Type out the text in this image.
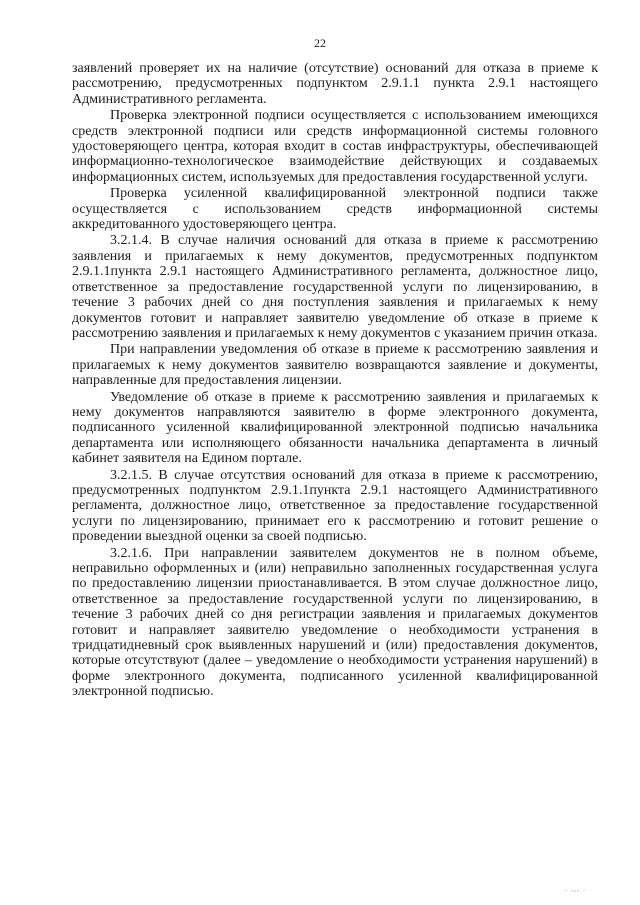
22

заявлений проверяет их на наличие (отсутствие) оснований для отказа в приеме к рассмотрению, предусмотренных подпунктом 2.9.1.1 пункта 2.9.1 настоящего Административного регламента.

Проверка электронной подписи осуществляется с использованием имеющихся средств электронной подписи или средств информационной системы головного удостоверяющего центра, которая входит в состав инфраструктуры, обеспечивающей информационно-технологическое взаимодействие действующих и создаваемых информационных систем, используемых для предоставления государственной услуги.

Проверка усиленной квалифицированной электронной подписи также осуществляется с использованием средств информационной системы аккредитованного удостоверяющего центра.

3.2.1.4. В случае наличия оснований для отказа в приеме к рассмотрению заявления и прилагаемых к нему документов, предусмотренных подпунктом 2.9.1.1пункта 2.9.1 настоящего Административного регламента, должностное лицо, ответственное за предоставление государственной услуги по лицензированию, в течение 3 рабочих дней со дня поступления заявления и прилагаемых к нему документов готовит и направляет заявителю уведомление об отказе в приеме к рассмотрению заявления и прилагаемых к нему документов с указанием причин отказа.

При направлении уведомления об отказе в приеме к рассмотрению заявления и прилагаемых к нему документов заявителю возвращаются заявление и документы, направленные для предоставления лицензии.

Уведомление об отказе в приеме к рассмотрению заявления и прилагаемых к нему документов направляются заявителю в форме электронного документа, подписанного усиленной квалифицированной электронной подписью начальника департамента или исполняющего обязанности начальника департамента в личный кабинет заявителя на Едином портале.

3.2.1.5. В случае отсутствия оснований для отказа в приеме к рассмотрению, предусмотренных подпунктом 2.9.1.1пункта 2.9.1 настоящего Административного регламента, должностное лицо, ответственное за предоставление государственной услуги по лицензированию, принимает его к рассмотрению и готовит решение о проведении выездной оценки за своей подписью.

3.2.1.6. При направлении заявителем документов не в полном объеме, неправильно оформленных и (или) неправильно заполненных государственная услуга по предоставлению лицензии приостанавливается. В этом случае должностное лицо, ответственное за предоставление государственной услуги по лицензированию, в течение 3 рабочих дней со дня регистрации заявления и прилагаемых документов готовит и направляет заявителю уведомление о необходимости устранения в тридцатидневный срок выявленных нарушений и (или) предоставления документов, которые отсутствуют (далее – уведомление о необходимости устранения нарушений) в форме электронного документа, подписанного усиленной квалифицированной электронной подписью.

. ,,, .
